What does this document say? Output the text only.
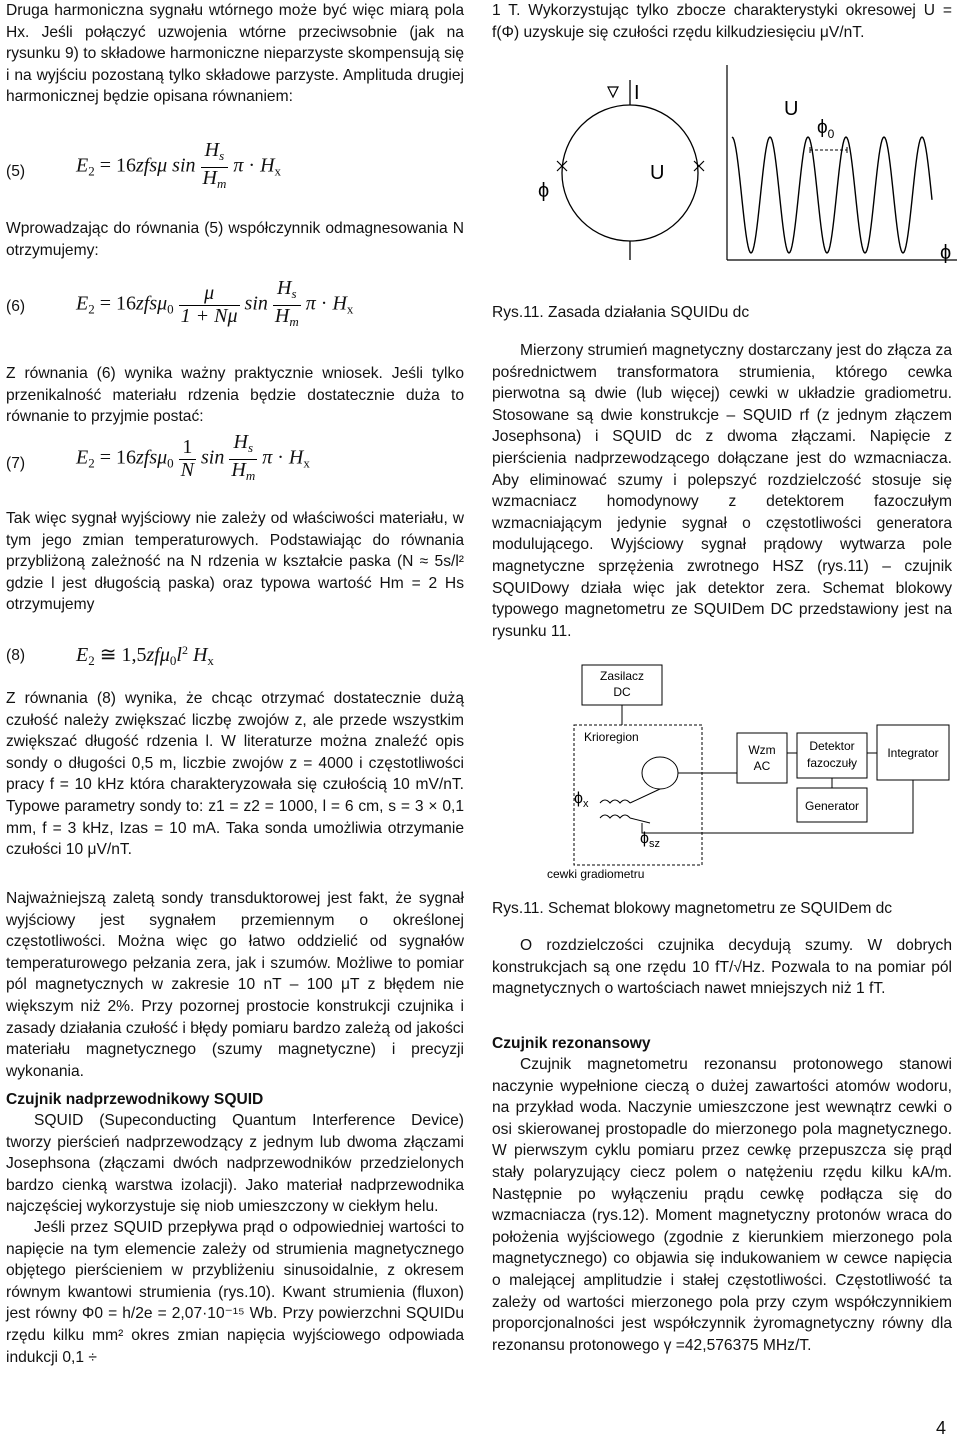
Druga harmoniczna sygnału wtórnego może być więc miarą pola Hx. Jeśli połączyć uzwojenia wtórne przeciwsobnie (jak na rysunku 9) to składowe harmoniczne nieparzyste skompensują się i na wyjściu pozostaną tylko składowe parzyste. Amplituda drugiej harmonicznej będzie opisana równaniem:

(5)	$E_2 = 16zfs\mu$ $\sin \frac{H_s}{H_m}$ $\pi \cdot H_x$

Wprowadzając do równania (5) współczynnik odmagnesowania N otrzymujemy:

(6)	$E_2 = 16zfs\mu_0 \frac{\mu}{1 + N\mu}$ $\sin \frac{H_s}{H_m}$ $\pi \cdot H_x$

Z równania (6) wynika ważny praktycznie wniosek. Jeśli tylko przenikalność materiału rdzenia będzie dostatecznie duża to równanie to przyjmie postać:

(7)	$E_2 = 16zfs\mu_0 \frac{1}{N}$ $\sin \frac{H_s}{H_m}$ $\pi \cdot H_x$

Tak więc sygnał wyjściowy nie zależy od właściwości materiału, w tym jego zmian temperaturowych. Podstawiając do równania przybliżoną zależność na N rdzenia w kształcie paska (N ≈ 5s/l² gdzie l jest długością paska) oraz typowa wartość Hm = 2 Hs otrzymujemy

(8)	$E_2$ ≅ $1,5zf\mu_0l^2$ $H_x$

Z równania (8) wynika, że chcąc otrzymać dostatecznie dużą czułość należy zwiększać liczbę zwojów z, ale przede wszystkim zwiększać długość rdzenia l. W literaturze można znaleźć opis sondy o długości 0,5 m, liczbie zwojów z = 4000 i częstotliwości pracy f = 10 kHz która charakteryzowała się czułością 10 mV/nT. Typowe parametry sondy to: z1 = z2 = 1000, l = 6 cm, s = 3 × 0,1 mm, f = 3 kHz, Izas = 10 mA. Taka sonda umożliwia otrzymanie czułości 10 μV/nT.

Najważniejszą zaletą sondy transduktorowej jest fakt, że sygnał wyjściowy jest sygnałem przemiennym o określonej częstotliwości. Można więc go łatwo oddzielić od sygnałów temperaturowego pełzania zera, jak i szumów. Możliwe to pomiar pól magnetycznych w zakresie 10 nT – 100 μT z błędem nie większym niż 2%. Przy pozornej prostocie konstrukcji czujnika i zasady działania czułość i błędy pomiaru bardzo zależą od jakości materiału magnetycznego (szumy magnetyczne) i precyzji wykonania.

Czujnik nadprzewodnikowy SQUID

SQUID (Supeconducting Quantum Interference Device) tworzy pierścień nadprzewodzący z jednym lub dwoma złączami Josephsona (złączami dwóch nadprzewodników przedzielonych bardzo cienką warstwa izolacji). Jako materiał nadprzewodnika najczęściej wykorzystuje się niob umieszczony w ciekłym helu.

Jeśli przez SQUID przepływa prąd o odpowiedniej wartości to napięcie na tym elemencie zależy od strumienia magnetycznego objętego pierścieniem w przybliżeniu sinusoidalnie, z okresem równym kwantowi strumienia (rys.10). Kwant strumienia (fluxon) jest równy Φ0 = h/2e = 2,07·10⁻¹⁵ Wb. Przy powierzchni SQUIDu rzędu kilku mm² okres zmian napięcia wyjściowego odpowiada indukcji 0,1 ÷

1 T. Wykorzystując tylko zbocze charakterystyki okresowej U = f(Φ) uzyskuje się czułości rzędu kilkudziesięciu μV/nT.

I
ϕ
U
U
$\phi_0$
ϕ
Rys.11. Zasada działania SQUIDu dc

Mierzony strumień magnetyczny dostarczany jest do złącza za pośrednictwem transformatora strumienia, którego cewka pierwotna są dwie (lub więcej) cewki w układzie gradiometru. Stosowane są dwie konstrukcje – SQUID rf (z jednym złączem Josephsona) i SQUID dc z dwoma złączami. Napięcie z pierścienia nadprzewodzącego dołączane jest do wzmacniacza. Aby eliminować szumy i polepszyć rozdzielczość stosuje się wzmacniacz homodynowy z detektorem fazoczułym wzmacniającym jedynie sygnał o częstotliwości generatora modulującego. Wyjściowy sygnał prądowy wytwarza pole magnetyczne sprzężenia zwrotnego HSZ (rys.11) – czujnik SQUIDowy działa więc jak detektor zera. Schemat blokowy typowego magnetometru ze SQUIDem DC przedstawiony jest na rysunku 11.

Zasilacz
DC
Krioregion
$\phi_x$
$\phi_{sz}$
cewki gradiometru
Wzm
AC
Detektor
fazoczuły
Integrator
Generator
Rys.11. Schemat blokowy magnetometru ze SQUIDem dc

O rozdzielczości czujnika decydują szumy. W dobrych konstrukcjach są one rzędu 10 fT/√Hz. Pozwala to na pomiar pól magnetycznych o wartościach nawet mniejszych niż 1 fT.

Czujnik rezonansowy

Czujnik magnetometru rezonansu protonowego stanowi naczynie wypełnione cieczą o dużej zawartości atomów wodoru, na przykład woda. Naczynie umieszczone jest wewnątrz cewki o osi skierowanej prostopadle do mierzonego pola magnetycznego. W pierwszym cyklu pomiaru przez cewkę przepuszcza się prąd stały polaryzujący ciecz polem o natężeniu rzędu kilku kA/m. Następnie po wyłączeniu prądu cewkę podłącza się do wzmacniacza (rys.12). Moment magnetyczny protonów wraca do położenia wyjściowego (zgodnie z kierunkiem mierzonego pola magnetycznego) co objawia się indukowaniem w cewce napięcia o malejącej amplitudzie i stałej częstotliwości. Częstotliwość ta zależy od wartości mierzonego pola przy czym współczynnikiem proporcjonalności jest współczynnik żyromagnetyczny równy dla rezonansu protonowego γ =42,576375 MHz/T.

4
